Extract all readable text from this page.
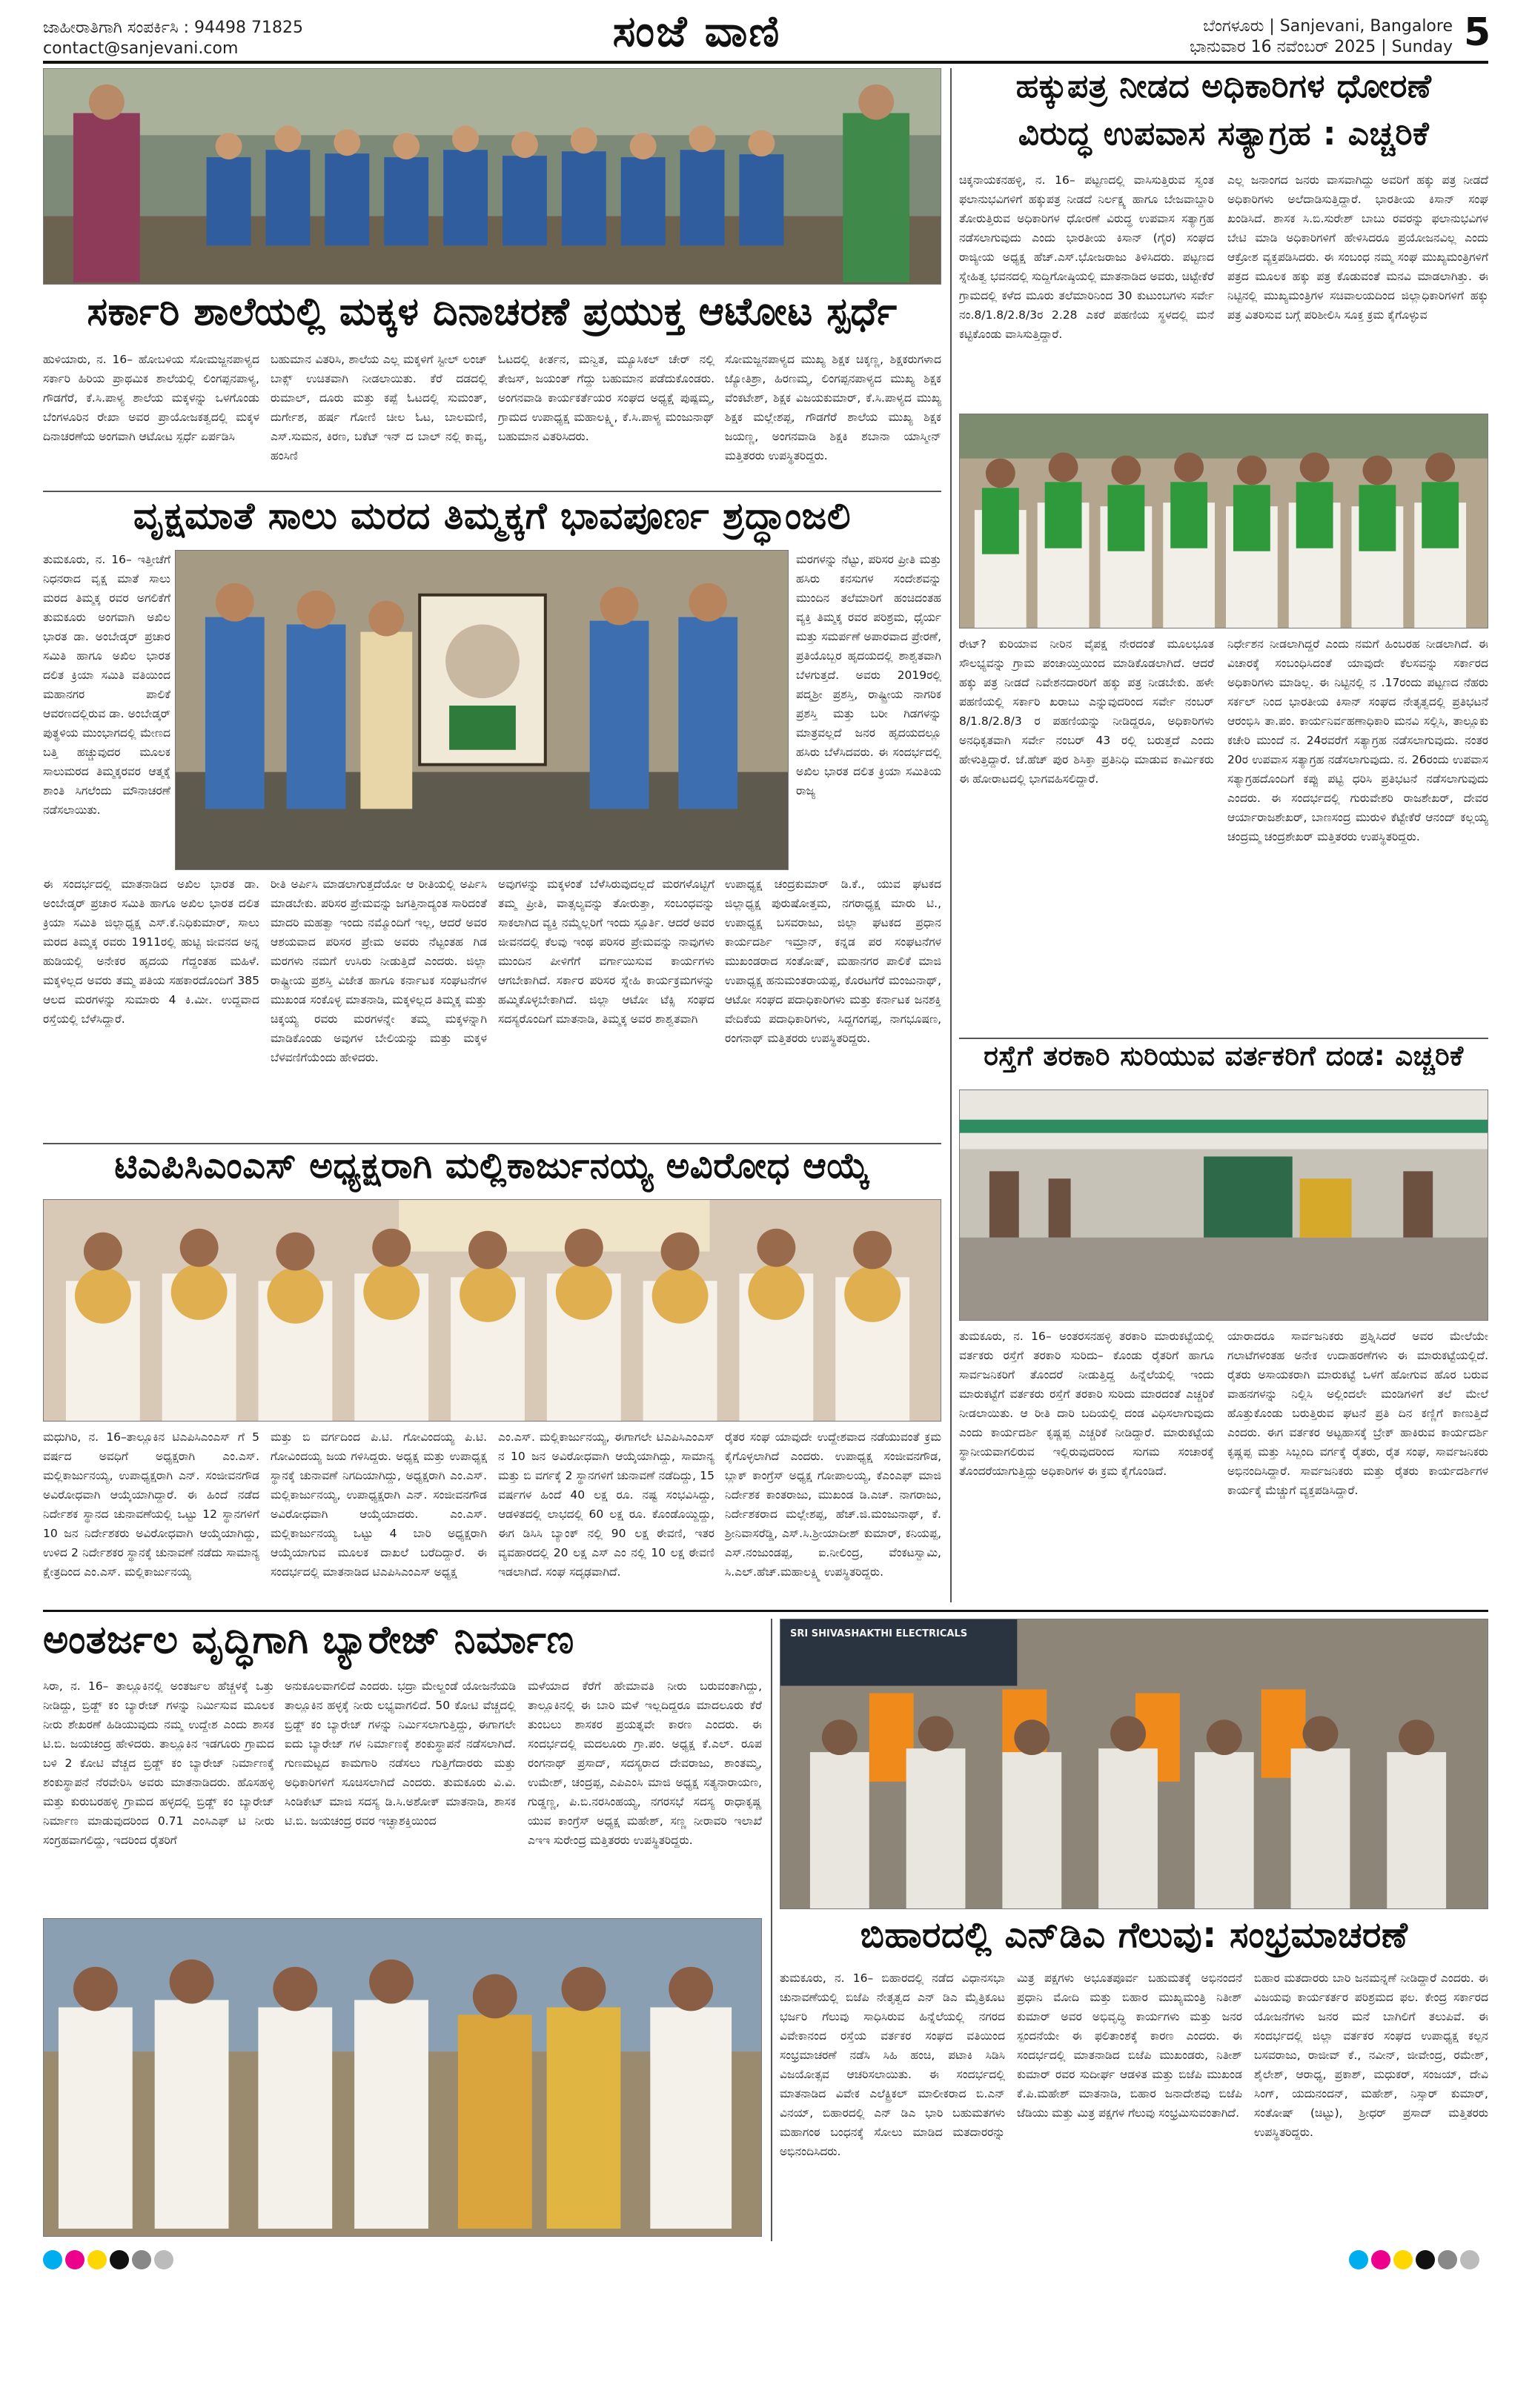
ಜಾಹೀರಾತಿಗಾಗಿ ಸಂಪರ್ಕಿಸಿ : 94498 71825
contact@sanjevani.com	ಸಂಜೆ ವಾಣಿ	ಬೆಂಗಳೂರು | Sanjevani, Bangalore
ಭಾನುವಾರ 16 ನವೆಂಬರ್ 2025 | Sunday 5
ಸರ್ಕಾರಿ ಶಾಲೆಯಲ್ಲಿ ಮಕ್ಕಳ ದಿನಾಚರಣೆ ಪ್ರಯುಕ್ತ ಆಟೋಟ ಸ್ಪರ್ಧೆ
ಹುಳಿಯಾರು, ನ. 16– ಹೋಬಳಿಯ ಸೋಮಜ್ಜನಪಾಳ್ಯದ ಸರ್ಕಾರಿ ಹಿರಿಯ ಪ್ರಾಥಮಿಕ ಶಾಲೆಯಲ್ಲಿ ಲಿಂಗಪ್ಪನಪಾಳ್ಯ, ಗೌಡಗೆರೆ, ಕೆ.ಸಿ.ಪಾಳ್ಯ ಶಾಲೆಯ ಮಕ್ಕಳನ್ನು ಒಳಗೊಂಡು ಬೆಂಗಳೂರಿನ ರೇಖಾ ಅವರ ಪ್ರಾಯೋಜಕತ್ವದಲ್ಲಿ ಮಕ್ಕಳ ದಿನಾಚರಣೆಯ ಅಂಗವಾಗಿ ಆಟೋಟ ಸ್ಪರ್ಧೆ ಏರ್ಪಡಿಸಿ
ಬಹುಮಾನ ವಿತರಿಸಿ, ಶಾಲೆಯ ಎಲ್ಲ ಮಕ್ಕಳಿಗೆ ಸ್ಟೀಲ್ ಲಂಚ್ ಬಾಕ್ಸ್ ಉಚಿತವಾಗಿ ನೀಡಲಾಯಿತು. ಕೆರೆ ದಡದಲ್ಲಿ ರುಮಾಲ್, ದೂರು ಮತ್ತು ಕಪ್ಪೆ ಓಟದಲ್ಲಿ ಸುಮಂತ್, ದುರ್ಗೇಶ, ಹರ್ಷ ಗೋಣಿ ಚೀಲ ಓಟ, ಬಾಲಮಣಿ, ಎಸ್.ಸುಮನ, ಕಿರಣ, ಬಕೆಟ್ ಇನ್ ದ ಬಾಲ್ ನಲ್ಲಿ ಕಾವ್ಯ, ಹಂಸಿಣಿ
ಓಟದಲ್ಲಿ ಕೀರ್ತನ, ಮನ್ವಿತ, ಮ್ಯೂಸಿಕಲ್ ಚೇರ್ ನಲ್ಲಿ ತೇಜಸ್, ಜಯಂತ್ ಗೆದ್ದು ಬಹುಮಾನ ಪಡೆದುಕೊಂಡರು. ಅಂಗನವಾಡಿ ಕಾರ್ಯಕರ್ತೆಯರ ಸಂಘದ ಅಧ್ಯಕ್ಷೆ ಪುಷ್ಪಮ್ಮ, ಗ್ರಾಮದ ಉಪಾಧ್ಯಕ್ಷ ಮಹಾಲಕ್ಷ್ಮಿ, ಕೆ.ಸಿ.ಪಾಳ್ಯ ಮಂಜುನಾಥ್ ಬಹುಮಾನ ವಿತರಿಸಿದರು.
ಸೋಮಜ್ಜನಪಾಳ್ಯದ ಮುಖ್ಯ ಶಿಕ್ಷಕ ಚಿಕ್ಕಣ್ಣ, ಶಿಕ್ಷಕರುಗಳಾದ ಜ್ಯೋತಿಶ್ರಾ, ಹಿರಣಮ್ಮ, ಲಿಂಗಪ್ಪನಪಾಳ್ಯದ ಮುಖ್ಯ ಶಿಕ್ಷಕ ವೆಂಕಟೇಶ್, ಶಿಕ್ಷಕ ವಿಜಯಕುಮಾರ್, ಕೆ.ಸಿ.ಪಾಳ್ಯದ ಮುಖ್ಯ ಶಿಕ್ಷಕ ಮಲ್ಲೇಶಪ್ಪ, ಗೌಡಗೆರೆ ಶಾಲೆಯ ಮುಖ್ಯ ಶಿಕ್ಷಕ ಜಯಣ್ಣ, ಅಂಗನವಾಡಿ ಶಿಕ್ಷಕಿ ಶಬಾನಾ ಯಾಸ್ಮೀನ್ ಮತ್ತಿತರರು ಉಪಸ್ಥಿತರಿದ್ದರು.
ವೃಕ್ಷಮಾತೆ ಸಾಲು ಮರದ ತಿಮ್ಮಕ್ಕಗೆ ಭಾವಪೂರ್ಣ ಶ್ರದ್ಧಾಂಜಲಿ
ತುಮಕೂರು, ನ. 16– ಇತ್ತೀಚೆಗೆ ನಿಧನರಾದ ವೃಕ್ಷ ಮಾತೆ ಸಾಲು ಮರದ ತಿಮ್ಮಕ್ಕ ರವರ ಅಗಲಿಕೆಗೆ ತುಮಕೂರು ಅಂಗವಾಗಿ ಅಖಿಲ ಭಾರತ ಡಾ. ಅಂಬೇಡ್ಕರ್ ಪ್ರಚಾರ ಸಮಿತಿ ಹಾಗೂ ಅಖಿಲ ಭಾರತ ದಲಿತ ಕ್ರಿಯಾ ಸಮಿತಿ ವತಿಯಿಂದ ಮಹಾನಗರ ಪಾಲಿಕೆ ಆವರಣದಲ್ಲಿರುವ ಡಾ. ಅಂಬೇಡ್ಕರ್ ಪುತ್ಥಳಿಯ ಮುಂಭಾಗದಲ್ಲಿ ಮೇಣದ ಬತ್ತಿ ಹಚ್ಚುವುದರ ಮೂಲಕ ಸಾಲುಮರದ ತಿಮ್ಮಕ್ಕರವರ ಆತ್ಮಕ್ಕೆ ಶಾಂತಿ ಸಿಗಲೆಂದು ಮೌನಾಚರಣೆ ನಡೆಸಲಾಯಿತು.
ಮರಗಳನ್ನು ನೆಟ್ಟು, ಪರಿಸರ ಪ್ರೀತಿ ಮತ್ತು ಹಸಿರು ಕನಸುಗಳ ಸಂದೇಶವನ್ನು ಮುಂದಿನ ತಲೆಮಾರಿಗೆ ಹಂಚಿದಂತಹ ವ್ಯಕ್ತಿ ತಿಮ್ಮಕ್ಕ ರವರ ಪರಿಶ್ರಮ, ಧೈರ್ಯ ಮತ್ತು ಸಮರ್ಪಣೆ ಅಪಾರವಾದ ಪ್ರೇರಣೆ, ಪ್ರತಿಯೊಬ್ಬರ ಹೃದಯದಲ್ಲಿ ಶಾಶ್ವತವಾಗಿ ಬೆಳಗುತ್ತದೆ. ಅವರು 2019ರಲ್ಲಿ ಪದ್ಮಶ್ರೀ ಪ್ರಶಸ್ತಿ, ರಾಷ್ಟ್ರೀಯ ನಾಗರಿಕ ಪ್ರಶಸ್ತಿ ಮತ್ತು ಬರೀ ಗಿಡಗಳನ್ನು ಮಾತ್ರವಲ್ಲದೆ ಜನರ ಹೃದಯದಲ್ಲೂ ಹಸಿರು ಬೆಳೆಸಿದವರು. ಈ ಸಂದರ್ಭದಲ್ಲಿ ಅಖಿಲ ಭಾರತ ದಲಿತ ಕ್ರಿಯಾ ಸಮಿತಿಯ ರಾಜ್ಯ
ಈ ಸಂದರ್ಭದಲ್ಲಿ ಮಾತನಾಡಿದ ಅಖಿಲ ಭಾರತ ಡಾ. ಅಂಬೇಡ್ಕರ್ ಪ್ರಚಾರ ಸಮಿತಿ ಹಾಗೂ ಅಖಿಲ ಭಾರತ ದಲಿತ ಕ್ರಿಯಾ ಸಮಿತಿ ಜಿಲ್ಲಾಧ್ಯಕ್ಷ ಎಸ್.ಕೆ.ನಿಧಿಕುಮಾರ್, ಸಾಲು ಮರದ ತಿಮ್ಮಕ್ಕ ರವರು 1911ರಲ್ಲಿ ಹುಟ್ಟಿ ಜೀವನದ ಅನ್ನ ಹುಡಿಯಲ್ಲಿ ಅನೇಕರ ಹೃದಯ ಗೆದ್ದಂತಹ ಮಹಿಳೆ. ಮಕ್ಕಳಿಲ್ಲದ ಅವರು ತಮ್ಮ ಪತಿಯ ಸಹಕಾರದೊಂದಿಗೆ 385 ಆಲದ ಮರಗಳನ್ನು ಸುಮಾರು 4 ಕಿ.ಮೀ. ಉದ್ದವಾದ ರಸ್ತೆಯಲ್ಲಿ ಬೆಳೆಸಿದ್ದಾರೆ.
ರೀತಿ ಅರ್ಪಿಸಿ ಮಾಡಲಾಗುತ್ತದೆಯೋ ಆ ರೀತಿಯಲ್ಲಿ ಅರ್ಪಿಸಿ ಮಾಡಬೇಕು. ಪರಿಸರ ಪ್ರೇಮವನ್ನು ಜಗತ್ತಿನಾದ್ಯಂತ ಸಾರಿದಂತೆ ಮಾದರಿ ಮಹತ್ವಾ ಇಂದು ನಮ್ಮೊಂದಿಗೆ ಇಲ್ಲ, ಆದರೆ ಅವರ ಆಶಯವಾದ ಪರಿಸರ ಪ್ರೇಮ ಅವರು ನೆಟ್ಟಂತಹ ಗಿಡ ಮರಗಳು ನಮಗೆ ಉಸಿರು ನೀಡುತ್ತಿದೆ ಎಂದರು. ಜಿಲ್ಲಾ ರಾಷ್ಟ್ರೀಯ ಪ್ರಶಸ್ತಿ ವಿಜೇತ ಹಾಗೂ ಕರ್ನಾಟಕ ಸಂಘಟನೆಗಳ ಮುಖಂಡ ಸಂಕೊಳ್ಳ ಮಾತನಾಡಿ, ಮಕ್ಕಳಿಲ್ಲದ ತಿಮ್ಮಕ್ಕ ಮತ್ತು ಚಿಕ್ಕಯ್ಯ ರವರು ಮರಗಳನ್ನೇ ತಮ್ಮ ಮಕ್ಕಳನ್ನಾಗಿ ಮಾಡಿಕೊಂಡು ಅವುಗಳ ಬೇಲಿಯನ್ನು ಮತ್ತು ಮಕ್ಕಳ ಬೆಳವಣಿಗೆಯೆಂದು ಹೇಳಿದರು.
ಅವುಗಳನ್ನು ಮಕ್ಕಳಂತೆ ಬೆಳೆಸಿರುವುದಲ್ಲದೆ ಮರಗಳೊಟ್ಟಿಗೆ ತಮ್ಮ ಪ್ರೀತಿ, ವಾತ್ಸಲ್ಯವನ್ನು ತೋರುತ್ತಾ, ಸಂಬಂಧವನ್ನು ಸಾಕಲಾಗಿದ ವ್ಯಕ್ತಿ ನಮ್ಮೆಲ್ಲರಿಗೆ ಇಂದು ಸ್ಪೂರ್ತಿ. ಆದರೆ ಅವರ ಜೀವನದಲ್ಲಿ ಕೆಲವು ಇಂಥ ಪರಿಸರ ಪ್ರೇಮವನ್ನು ನಾವುಗಳು ಮುಂದಿನ ಪೀಳಿಗೆಗೆ ವರ್ಗಾಯಿಸುವ ಕಾರ್ಯಗಳು ಆಗಬೇಕಾಗಿದೆ. ಸರ್ಕಾರ ಪರಿಸರ ಸ್ನೇಹಿ ಕಾರ್ಯಕ್ರಮಗಳನ್ನು ಹಮ್ಮಿಕೊಳ್ಳಬೇಕಾಗಿದೆ. ಜಿಲ್ಲಾ ಆಟೋ ಟೆಕ್ಸಿ ಸಂಘದ ಸದಸ್ಯರೊಂದಿಗೆ ಮಾತನಾಡಿ, ತಿಮ್ಮಕ್ಕ ಅವರ ಶಾಶ್ವತವಾಗಿ
ಉಪಾಧ್ಯಕ್ಷ ಚಂದ್ರಕುಮಾರ್ ಡಿ.ಕೆ., ಯುವ ಘಟಕದ ಜಿಲ್ಲಾಧ್ಯಕ್ಷ ಪುರುಷೋತ್ತಮ, ನಗರಾಧ್ಯಕ್ಷ ಮಾರು ಟಿ., ಉಪಾಧ್ಯಕ್ಷ ಬಸವರಾಜು, ಜಿಲ್ಲಾ ಘಟಕದ ಪ್ರಧಾನ ಕಾರ್ಯದರ್ಶಿ ಇಮ್ರಾನ್, ಕನ್ನಡ ಪರ ಸಂಘಟನೆಗಳ ಮುಖಂಡರಾದ ಸಂತೋಷ್, ಮಹಾನಗರ ಪಾಲಿಕೆ ಮಾಜಿ ಉಪಾಧ್ಯಕ್ಷ ಹನುಮಂತರಾಯಪ್ಪ, ಕೊರಟಗೆರೆ ಮಂಜುನಾಥ್, ಆಟೋ ಸಂಘದ ಪದಾಧಿಕಾರಿಗಳು ಮತ್ತು ಕರ್ನಾಟಕ ಜನಶಕ್ತಿ ವೇದಿಕೆಯ ಪದಾಧಿಕಾರಿಗಳು, ಸಿದ್ದಗಂಗಪ್ಪ, ನಾಗಭೂಷಣ, ರಂಗನಾಥ್ ಮತ್ತಿತರರು ಉಪಸ್ಥಿತರಿದ್ದರು.
ಟಿಎಪಿಸಿಎಂಎಸ್ ಅಧ್ಯಕ್ಷರಾಗಿ ಮಲ್ಲಿಕಾರ್ಜುನಯ್ಯ ಅವಿರೋಧ ಆಯ್ಕೆ
ಮಧುಗಿರಿ, ನ. 16–ತಾಲ್ಲೂಕಿನ ಟಿಎಪಿಸಿಎಂಎಸ್ ಗೆ 5 ವರ್ಷದ ಅವಧಿಗೆ ಅಧ್ಯಕ್ಷರಾಗಿ ಎಂ.ಎಸ್. ಮಲ್ಲಿಕಾರ್ಜುನಯ್ಯ, ಉಪಾಧ್ಯಕ್ಷರಾಗಿ ಎನ್. ಸಂಜೀವನಗೌಡ ಅವಿರೋಧವಾಗಿ ಆಯ್ಕೆಯಾಗಿದ್ದಾರೆ. ಈ ಹಿಂದೆ ನಡೆದ ನಿರ್ದೇಶಕ ಸ್ಥಾನದ ಚುನಾವಣೆಯಲ್ಲಿ ಒಟ್ಟು 12 ಸ್ಥಾನಗಳಿಗೆ 10 ಜನ ನಿರ್ದೇಶಕರು ಅವಿರೋಧವಾಗಿ ಆಯ್ಕೆಯಾಗಿದ್ದು, ಉಳಿದ 2 ನಿರ್ದೇಶಕರ ಸ್ಥಾನಕ್ಕೆ ಚುನಾವಣೆ ನಡೆದು ಸಾಮಾನ್ಯ ಕ್ಷೇತ್ರದಿಂದ ಎಂ.ಎಸ್. ಮಲ್ಲಿಕಾರ್ಜುನಯ್ಯ
ಮತ್ತು ಬಿ ವರ್ಗದಿಂದ ಪಿ.ಟಿ. ಗೋವಿಂದಯ್ಯ ಪಿ.ಟಿ. ಗೋವಿಂದಯ್ಯ ಜಯ ಗಳಿಸಿದ್ದರು. ಅಧ್ಯಕ್ಷ ಮತ್ತು ಉಪಾಧ್ಯಕ್ಷ ಸ್ಥಾನಕ್ಕೆ ಚುನಾವಣೆ ನಿಗದಿಯಾಗಿದ್ದು, ಅಧ್ಯಕ್ಷರಾಗಿ ಎಂ.ಎಸ್. ಮಲ್ಲಿಕಾರ್ಜುನಯ್ಯ, ಉಪಾಧ್ಯಕ್ಷರಾಗಿ ಎನ್. ಸಂಜೀವನಗೌಡ ಅವಿರೋಧವಾಗಿ ಆಯ್ಕೆಯಾದರು. ಎಂ.ಎಸ್. ಮಲ್ಲಿಕಾರ್ಜುನಯ್ಯ ಒಟ್ಟು 4 ಬಾರಿ ಅಧ್ಯಕ್ಷರಾಗಿ ಆಯ್ಕೆಯಾಗುವ ಮೂಲಕ ದಾಖಲೆ ಬರೆದಿದ್ದಾರೆ. ಈ ಸಂದರ್ಭದಲ್ಲಿ ಮಾತನಾಡಿದ ಟಿಎಪಿಸಿಎಂಎಸ್ ಅಧ್ಯಕ್ಷ
ಎಂ.ಎಸ್. ಮಲ್ಲಿಕಾರ್ಜುನಯ್ಯ, ಈಗಾಗಲೇ ಟಿಎಪಿಸಿಎಂಎಸ್ ನ 10 ಜನ ಅವಿರೋಧವಾಗಿ ಆಯ್ಕೆಯಾಗಿದ್ದು, ಸಾಮಾನ್ಯ ಮತ್ತು ಬಿ ವರ್ಗಕ್ಕೆ 2 ಸ್ಥಾನಗಳಿಗೆ ಚುನಾವಣೆ ನಡೆದಿದ್ದು, 15 ವರ್ಷಗಳ ಹಿಂದೆ 40 ಲಕ್ಷ ರೂ. ನಷ್ಟ ಸಂಭವಿಸಿದ್ದು, ಆಡಳಿತದಲ್ಲಿ ಲಾಭದಲ್ಲಿ 60 ಲಕ್ಷ ರೂ. ಕೊಂಡೊಯ್ದಿದ್ದು, ಈಗ ಡಿಸಿಸಿ ಬ್ಯಾಂಕ್ ನಲ್ಲಿ 90 ಲಕ್ಷ ಠೇವಣಿ, ಇತರ ವ್ಯವಹಾರದಲ್ಲಿ 20 ಲಕ್ಷ ಎಸ್ ಎಂ ನಲ್ಲಿ 10 ಲಕ್ಷ ಠೇವಣಿ ಇಡಲಾಗಿದೆ. ಸಂಘ ಸದೃಢವಾಗಿದೆ.
ರೈತರ ಸಂಘ ಯಾವುದೇ ಉದ್ದೇಶವಾದ ನಡೆಯುವಂತೆ ಕ್ರಮ ಕೈಗೊಳ್ಳಲಾಗಿದೆ ಎಂದರು. ಉಪಾಧ್ಯಕ್ಷ ಸಂಜೀವನಗೌಡ, ಬ್ಲಾಕ್ ಕಾಂಗ್ರೆಸ್ ಅಧ್ಯಕ್ಷ ಗೋಪಾಲಯ್ಯ, ಕೆಎಂಎಫ್ ಮಾಜಿ ನಿರ್ದೇಶಕ ಕಾಂತರಾಜು, ಮುಖಂಡ ಡಿ.ಎಚ್. ನಾಗರಾಜು, ನಿರ್ದೇಶಕರಾದ ಮಲ್ಲೇಶಪ್ಪ, ಹೆಚ್.ಜಿ.ಮಂಜುನಾಥ್, ಕೆ. ಶ್ರೀನಿವಾಸರೆಡ್ಡಿ, ಎಸ್.ಸಿ.ಶ್ರೀಯಾದೀಶ್ ಕುಮಾರ್, ಕನಿಯಪ್ಪ, ಎಸ್.ನಂಜುಂಡಪ್ಪ, ಐ.ನೀಲಿಂದ್ರ, ವೆಂಕಟಸ್ವಾಮಿ, ಸಿ.ಎಲ್.ಹೆಚ್.ಮಹಾಲಕ್ಷ್ಮಿ ಉಪಸ್ಥಿತರಿದ್ದರು.
ಹಕ್ಕುಪತ್ರ ನೀಡದ ಅಧಿಕಾರಿಗಳ ಧೋರಣೆ
ವಿರುದ್ಧ ಉಪವಾಸ ಸತ್ಯಾಗ್ರಹ : ಎಚ್ಚರಿಕೆ
ಚಿಕ್ಕನಾಯಕನಹಳ್ಳಿ, ನ. 16– ಪಟ್ಟಣದಲ್ಲಿ ವಾಸಿಸುತ್ತಿರುವ ಸ್ವಂತ ಫಲಾನುಭವಿಗಳಿಗೆ ಹಕ್ಕುಪತ್ರ ನೀಡದೆ ನಿರ್ಲಕ್ಷ್ಯ ಹಾಗೂ ಬೇಜವಾಬ್ದಾರಿ ತೋರುತ್ತಿರುವ ಅಧಿಕಾರಿಗಳ ಧೋರಣೆ ವಿರುದ್ಧ ಉಪವಾಸ ಸತ್ಯಾಗ್ರಹ ನಡೆಸಲಾಗುವುದು ಎಂದು ಭಾರತೀಯ ಕಿಸಾನ್ (ಗೈರ) ಸಂಘದ ರಾಜ್ಯೀಯ ಅಧ್ಯಕ್ಷ ಹೆಚ್.ಎಸ್.ಭೋಜರಾಜು ತಿಳಿಸಿದರು. ಪಟ್ಟಣದ ಸ್ನೇಹಿತ್ವ ಭವನದಲ್ಲಿ ಸುದ್ದಿಗೋಷ್ಠಿಯಲ್ಲಿ ಮಾತನಾಡಿದ ಅವರು, ಚಿಟ್ಟೇಕೆರೆ ಗ್ರಾಮದಲ್ಲಿ ಕಳೆದ ಮೂರು ತಲೆಮಾರಿನಿಂದ 30 ಕುಟುಂಬಗಳು ಸರ್ವೇ ನಂ.8/1.8/2.8/3ರ 2.28 ಎಕರೆ ಪಹಣಿಯ ಸ್ಥಳದಲ್ಲಿ ಮನೆ ಕಟ್ಟಿಕೊಂಡು ವಾಸಿಸುತ್ತಿದ್ದಾರೆ.
ಎಲ್ಲ ಜನಾಂಗದ ಜನರು ವಾಸವಾಗಿದ್ದು ಅವರಿಗೆ ಹಕ್ಕು ಪತ್ರ ನೀಡದೆ ಅಧಿಕಾರಿಗಳು ಅಲೆದಾಡಿಸುತ್ತಿದ್ದಾರೆ. ಭಾರತೀಯ ಕಿಸಾನ್ ಸಂಘ ಖಂಡಿಸಿದೆ. ಶಾಸಕ ಸಿ.ಬಿ.ಸುರೇಶ್ ಬಾಬು ರವರನ್ನು ಫಲಾನುಭವಿಗಳ ಬೇಟಿ ಮಾಡಿ ಅಧಿಕಾರಿಗಳಿಗೆ ಹೇಳಿಸಿದರೂ ಪ್ರಯೋಜನವಿಲ್ಲ ಎಂದು ಆಕ್ರೋಶ ವ್ಯಕ್ತಪಡಿಸಿದರು. ಈ ಸಂಬಂಧ ನಮ್ಮ ಸಂಘ ಮುಖ್ಯಮಂತ್ರಿಗಳಿಗೆ ಪತ್ರದ ಮೂಲಕ ಹಕ್ಕು ಪತ್ರ ಕೊಡುವಂತೆ ಮನವಿ ಮಾಡಲಾಗಿತ್ತು. ಈ ನಿಟ್ಟಿನಲ್ಲಿ ಮುಖ್ಯಮಂತ್ರಿಗಳ ಸಚಿವಾಲಯದಿಂದ ಜಿಲ್ಲಾಧಿಕಾರಿಗಳಿಗೆ ಹಕ್ಕು ಪತ್ರ ವಿತರಿಸುವ ಬಗ್ಗೆ ಪರಿಶೀಲಿಸಿ ಸೂಕ್ತ ಕ್ರಮ ಕೈಗೊಳ್ಳುವ
ರೇಟ್? ಕುರಿಯಾವ ನೀರಿನ ವೈಪಕ್ಷ ನೇರದಂತೆ ಮೂಲಭೂತ ಸೌಲಭ್ಯವನ್ನು ಗ್ರಾಮ ಪಂಚಾಯ್ತಿಯಿಂದ ಮಾಡಿಕೊಡಲಾಗಿದೆ. ಆದರೆ ಹಕ್ಕು ಪತ್ರ ನೀಡದೆ ನಿವೇಶನದಾರರಿಗೆ ಹಕ್ಕು ಪತ್ರ ನೀಡಬೇಕು. ಹಳೇ ಪಹಣಿಯಲ್ಲಿ ಸರ್ಕಾರಿ ಖರಾಬು ಎನ್ನುವುದರಿಂದ ಸರ್ವೇ ನಂಬರ್ 8/1.8/2.8/3 ರ ಪಹಣಿಯನ್ನು ನೀಡಿದ್ದರೂ, ಅಧಿಕಾರಿಗಳು ಅನಧಿಕೃತವಾಗಿ ಸರ್ವೇ ನಂಬರ್ 43 ರಲ್ಲಿ ಬರುತ್ತದೆ ಎಂದು ಹೇಳುತ್ತಿದ್ದಾರೆ. ಜೆ.ಹೆಚ್ ಪುರ ಶಿಸಿಕ್ತಾ ಪ್ರತಿನಿಧಿ ಮಾಡುವ ಕಾರ್ಮಿಕರು ಈ ಹೋರಾಟದಲ್ಲಿ ಭಾಗವಹಿಸಲಿದ್ದಾರೆ.
ನಿರ್ಧೇಶನ ನೀಡಲಾಗಿದ್ದರೆ ಎಂದು ನಮಗೆ ಹಿಂಬರಹ ನೀಡಲಾಗಿದೆ. ಈ ವಿಚಾರಕ್ಕೆ ಸಂಬಂಧಿಸಿದಂತೆ ಯಾವುದೇ ಕೆಲಸವನ್ನು ಸರ್ಕಾರದ ಅಧಿಕಾರಿಗಳು ಮಾಡಿಲ್ಲ. ಈ ನಿಟ್ಟಿನಲ್ಲಿ ನ .17ರಂದು ಪಟ್ಟಣದ ನೆಹರು ಸರ್ಕಲ್ ನಿಂದ ಭಾರತೀಯ ಕಿಸಾನ್ ಸಂಘದ ನೇತೃತ್ವದಲ್ಲಿ ಪ್ರತಿಭಟನೆ ಆರಂಭಿಸಿ ತಾ.ಪಂ. ಕಾರ್ಯನಿರ್ವಹಣಾಧಿಕಾರಿ ಮನವಿ ಸಲ್ಲಿಸಿ, ತಾಲ್ಲೂಕು ಕಚೇರಿ ಮುಂದೆ ನ. 24ರವರೆಗೆ ಸತ್ಯಾಗ್ರಹ ನಡೆಸಲಾಗುವುದು. ನಂತರ 20ರ ಉಪವಾಸ ಸತ್ಯಾಗ್ರಹ ನಡೆಸಲಾಗುವುದು. ನ. 26ರಂದು ಉಪವಾಸ ಸತ್ಯಾಗ್ರಹದೊಂದಿಗೆ ಕಪ್ಪು ಪಟ್ಟಿ ಧರಿಸಿ ಪ್ರತಿಭಟನೆ ನಡೆಸಲಾಗುವುದು ಎಂದರು. ಈ ಸಂದರ್ಭದಲ್ಲಿ ಗುರುವೇಶರಿ ರಾಜಶೇಖರ್, ದೇವರ ಆರ್ಯಾರಾಜಶೇಖರ್, ಬಾಣಸಂದ್ರ ಮುರುಳಿ ಕೆಟ್ಟೇಕೆರೆ ಆನಂದ್ ಕಲ್ಲಯ್ಯ ಚಂದ್ರಮ್ಮ ಚಂದ್ರಶೇಖರ್ ಮತ್ತಿತರರು ಉಪಸ್ಥಿತರಿದ್ದರು.
ರಸ್ತೆಗೆ ತರಕಾರಿ ಸುರಿಯುವ ವರ್ತಕರಿಗೆ ದಂಡ: ಎಚ್ಚರಿಕೆ
ತುಮಕೂರು, ನ. 16– ಅಂತರಸನಹಳ್ಳಿ ತರಕಾರಿ ಮಾರುಕಟ್ಟೆಯಲ್ಲಿ ವರ್ತಕರು ರಸ್ತೆಗೆ ತರಕಾರಿ ಸುರಿದು– ಕೊಂಡು ರೈತರಿಗೆ ಹಾಗೂ ಸಾರ್ವಜನಿಕರಿಗೆ ತೊಂದರೆ ನೀಡುತ್ತಿದ್ದ ಹಿನ್ನೆಲೆಯಲ್ಲಿ ಇಂದು ಮಾರುಕಟ್ಟೆಗೆ ವರ್ತಕರು ರಸ್ತೆಗೆ ತರಕಾರಿ ಸುರಿದು ಮಾರದಂತೆ ಎಚ್ಚರಿಕೆ ನೀಡಲಾಯಿತು. ಆ ರೀತಿ ದಾರಿ ಬದಿಯಲ್ಲಿ ದಂಡ ವಿಧಿಸಲಾಗುವುದು ಎಂದು ಕಾರ್ಯದರ್ಶಿ ಕೃಷ್ಣಪ್ಪ ಎಚ್ಚರಿಕೆ ನೀಡಿದ್ದಾರೆ. ಮಾರುಕಟ್ಟೆಯ ಸ್ಥಾನೀಯವಾಗಲಿರುವ ಇಲ್ಲಿರುವುದರಿಂದ ಸುಗಮ ಸಂಚಾರಕ್ಕೆ ತೊಂದರೆಯಾಗುತ್ತಿದ್ದು ಅಧಿಕಾರಿಗಳ ಈ ಕ್ರಮ ಕೈಗೊಂಡಿದೆ.
ಯಾರಾದರೂ ಸಾರ್ವಜನಿಕರು ಪ್ರಶ್ನಿಸಿದರೆ ಅವರ ಮೇಲೆಯೇ ಗಲಾಟೆಗಳಂತಹ ಅನೇಕ ಉದಾಹರಣೆಗಳು ಈ ಮಾರುಕಟ್ಟೆಯಲ್ಲಿದೆ. ರೈತರು ಅಸಾಯಕರಾಗಿ ಮಾರುಕಟ್ಟೆ ಒಳಗೆ ಹೋಗುವ ಹೊರ ಬರುವ ವಾಹನಗಳನ್ನು ನಿಲ್ಲಿಸಿ ಅಲ್ಲಿಂದಲೇ ಮಂಡಿಗಳಿಗೆ ತಲೆ ಮೇಲೆ ಹೊತ್ತುಕೊಂಡು ಬರುತ್ತಿರುವ ಘಟನೆ ಪ್ರತಿ ದಿನ ಕಣ್ಣಿಗೆ ಕಾಣುತ್ತಿದೆ ಎಂದರು. ಈಗ ವರ್ತಕರ ಅಟ್ಟಹಾಸಕ್ಕೆ ಬ್ರೇಕ್ ಹಾಕಿರುವ ಕಾರ್ಯದರ್ಶಿ ಕೃಷ್ಣಪ್ಪ ಮತ್ತು ಸಿಬ್ಬಂದಿ ವರ್ಗಕ್ಕೆ ರೈತರು, ರೈತ ಸಂಘ, ಸಾರ್ವಜನಿಕರು ಅಭಿನಂದಿಸಿದ್ದಾರೆ. ಸಾರ್ವಜನಿಕರು ಮತ್ತು ರೈತರು ಕಾರ್ಯದರ್ಶಿಗಳ ಕಾರ್ಯಕ್ಕೆ ಮೆಚ್ಚುಗೆ ವ್ಯಕ್ತಪಡಿಸಿದ್ದಾರೆ.
ಅಂತರ್ಜಲ ವೃದ್ಧಿಗಾಗಿ ಬ್ಯಾರೇಜ್ ನಿರ್ಮಾಣ
ಸಿರಾ, ನ. 16– ತಾಲ್ಲೂಕಿನಲ್ಲಿ ಅಂತರ್ಜಲ ಹೆಚ್ಚಳಕ್ಕೆ ಒತ್ತು ನೀಡಿದ್ದು, ಬ್ರಿಡ್ಜ್ ಕಂ ಬ್ಯಾರೇಜ್ ಗಳನ್ನು ನಿರ್ಮಿಸುವ ಮೂಲಕ ನೀರು ಶೇಖರಣೆ ಹಿಡಿಯುವುದು ನಮ್ಮ ಉದ್ದೇಶ ಎಂದು ಶಾಸಕ ಟಿ.ಬಿ. ಜಯಚಂದ್ರ ಹೇಳಿದರು. ತಾಲ್ಲೂಕಿನ ಇಡಗೂರು ಗ್ರಾಮದ ಬಳಿ 2 ಕೋಟಿ ವೆಚ್ಚದ ಬ್ರಿಡ್ಜ್ ಕಂ ಬ್ಯಾರೇಜ್ ನಿರ್ಮಾಣಕ್ಕೆ ಶಂಕುಸ್ಥಾಪನೆ ನೆರವೇರಿಸಿ ಅವರು ಮಾತನಾಡಿದರು. ಹೊಸಹಳ್ಳಿ ಮತ್ತು ಕುರುಬರಹಳ್ಳಿ ಗ್ರಾಮದ ಹಳ್ಳದಲ್ಲಿ ಬ್ರಿಡ್ಜ್ ಕಂ ಬ್ಯಾರೇಜ್ ನಿರ್ಮಾಣ ಮಾಡುವುದರಿಂದ 0.71 ಎಂಸಿಎಫ್ ಟಿ ನೀರು ಸಂಗ್ರಹವಾಗಲಿದ್ದು, ಇದರಿಂದ ರೈತರಿಗೆ
ಅನುಕೂಲವಾಗಲಿದೆ ಎಂದರು. ಭದ್ರಾ ಮೇಲ್ದಂಡೆ ಯೋಜನೆಯಡಿ ತಾಲ್ಲೂಕಿನ ಹಳ್ಳಕ್ಕೆ ನೀರು ಲಭ್ಯವಾಗಲಿದೆ. 50 ಕೋಟಿ ವೆಚ್ಚದಲ್ಲಿ ಬ್ರಿಡ್ಜ್ ಕಂ ಬ್ಯಾರೇಜ್ ಗಳನ್ನು ನಿರ್ಮಿಸಲಾಗುತ್ತಿದ್ದು, ಈಗಾಗಲೇ ಐದು ಬ್ಯಾರೇಜ್ ಗಳ ನಿರ್ಮಾಣಕ್ಕೆ ಶಂಕುಸ್ಥಾಪನೆ ನಡೆಸಲಾಗಿದೆ. ಗುಣಮಟ್ಟದ ಕಾಮಗಾರಿ ನಡೆಸಲು ಗುತ್ತಿಗೆದಾರರು ಮತ್ತು ಅಧಿಕಾರಿಗಳಿಗೆ ಸೂಚಿಸಲಾಗಿದೆ ಎಂದರು. ತುಮಕೂರು ವಿ.ವಿ. ಸಿಂಡಿಕೇಟ್ ಮಾಜಿ ಸದಸ್ಯ ಡಿ.ಸಿ.ಅಶೋಕ್ ಮಾತನಾಡಿ, ಶಾಸಕ ಟಿ.ಬಿ. ಜಯಚಂದ್ರ ರವರ ಇಚ್ಛಾಶಕ್ತಿಯಿಂದ
ಮಳೆಯಾದ ಕೆರೆಗೆ ಹೇಮಾವತಿ ನೀರು ಬರುವಂತಾಗಿದ್ದು, ತಾಲ್ಲೂಕಿನಲ್ಲಿ ಈ ಬಾರಿ ಮಳೆ ಇಲ್ಲದಿದ್ದರೂ ಮಾದಲೂರು ಕೆರೆ ತುಂಬಲು ಶಾಸಕರ ಪ್ರಯತ್ನವೇ ಕಾರಣ ಎಂದರು. ಈ ಸಂದರ್ಭದಲ್ಲಿ ಮದಲೂರು ಗ್ರಾ.ಪಂ. ಅಧ್ಯಕ್ಷ ಕೆ.ಎಲ್. ರೂಪ ರಂಗನಾಥ್ ಪ್ರಸಾದ್, ಸದಸ್ಯರಾದ ದೇವರಾಜು, ಶಾಂತಮ್ಮ, ಉಮೇಶ್, ಚಂದ್ರಪ್ಪ, ಎಪಿಎಂಸಿ ಮಾಜಿ ಅಧ್ಯಕ್ಷ ಸತ್ಯನಾರಾಯಣ, ಗುಡ್ಡಣ್ಣ, ಪಿ.ಬಿ.ನರಸಿಂಹಯ್ಯ, ನಗರಸಭೆ ಸದಸ್ಯ ರಾಧಾಕೃಷ್ಣ ಯುವ ಕಾಂಗ್ರೆಸ್ ಅಧ್ಯಕ್ಷ ಮಹೇಶ್, ಸಣ್ಣ ನೀರಾವರಿ ಇಲಾಖೆ ಎಇಇ ಸುರೇಂದ್ರ ಮತ್ತಿತರರು ಉಪಸ್ಥಿತರಿದ್ದರು.
SRI SHIVASHAKTHI ELECTRICALS
ಬಿಹಾರದಲ್ಲಿ ಎನ್‌ಡಿಎ ಗೆಲುವು: ಸಂಭ್ರಮಾಚರಣೆ
ತುಮಕೂರು, ನ. 16– ಬಿಹಾರದಲ್ಲಿ ನಡೆದ ವಿಧಾನಸಭಾ ಚುನಾವಣೆಯಲ್ಲಿ ಬಿಜೆಪಿ ನೇತೃತ್ವದ ಎನ್ ಡಿಎ ಮೈತ್ರಿಕೂಟ ಭರ್ಜರಿ ಗೆಲುವು ಸಾಧಿಸಿರುವ ಹಿನ್ನೆಲೆಯಲ್ಲಿ ನಗರದ ವಿವೇಕಾನಂದ ರಸ್ತೆಯ ವರ್ತಕರ ಸಂಘದ ವತಿಯಿಂದ ಸಂಭ್ರಮಾಚರಣೆ ನಡೆಸಿ ಸಿಹಿ ಹಂಚಿ, ಪಟಾಕಿ ಸಿಡಿಸಿ ವಿಜಯೋತ್ಸವ ಆಚರಿಸಲಾಯಿತು. ಈ ಸಂದರ್ಭದಲ್ಲಿ ಮಾತನಾಡಿದ ವಿವೇಕ ಎಲೆಕ್ಟ್ರಿಕಲ್ ಮಾಲೀಕರಾದ ಬಿ.ಎನ್ ವಿನಯ್, ಬಿಹಾರದಲ್ಲಿ ಎನ್ ಡಿಎ ಭಾರಿ ಬಹುಮತಗಳು ಮಹಾಗಂಠ ಬಂಧನಕ್ಕೆ ಸೋಲು ಮಾಡಿದ ಮತದಾರರನ್ನು ಅಭಿನಂದಿಸಿದರು.
ಮಿತ್ರ ಪಕ್ಷಗಳು ಅಭೂತಪೂರ್ವ ಬಹುಮತಕ್ಕೆ ಅಭಿನಂದನೆ ಪ್ರಧಾನಿ ಮೋದಿ ಮತ್ತು ಬಿಹಾರ ಮುಖ್ಯಮಂತ್ರಿ ನಿತೀಶ್ ಕುಮಾರ್ ಅವರ ಅಭಿವೃದ್ಧಿ ಕಾರ್ಯಗಳು ಮತ್ತು ಜನರ ಸ್ಪಂದನೆಯೇ ಈ ಫಲಿತಾಂಶಕ್ಕೆ ಕಾರಣ ಎಂದರು. ಈ ಸಂದರ್ಭದಲ್ಲಿ ಮಾತನಾಡಿದ ಬಿಜೆಪಿ ಮುಖಂಡರು, ನಿತೀಶ್ ಕುಮಾರ್ ರವರ ಸುದೀರ್ಘ ಆಡಳಿತ ಮತ್ತು ಬಿಜೆಪಿ ಮುಖಂಡ ಕೆ.ಪಿ.ಮಹೇಶ್ ಮಾತನಾಡಿ, ಬಿಹಾರ ಜನಾದೇಶವು ಬಿಜೆಪಿ ಜೆಡಿಯು ಮತ್ತು ಮಿತ್ರ ಪಕ್ಷಗಳ ಗೆಲುವು ಸಂಭ್ರಮಿಸುವಂತಾಗಿದೆ.
ಬಿಹಾರ ಮತದಾರರು ಬಾರಿ ಜನಮನ್ನಣೆ ನೀಡಿದ್ದಾರೆ ಎಂದರು. ಈ ವಿಜಯವು ಕಾರ್ಯಕರ್ತರ ಪರಿಶ್ರಮದ ಫಲ. ಕೇಂದ್ರ ಸರ್ಕಾರದ ಯೋಜನೆಗಳು ಜನರ ಮನೆ ಬಾಗಿಲಿಗೆ ತಲುಪಿವೆ. ಈ ಸಂದರ್ಭದಲ್ಲಿ ಜಿಲ್ಲಾ ವರ್ತಕರ ಸಂಘದ ಉಪಾಧ್ಯಕ್ಷ ಕಲ್ಪನ ಬಸವರಾಜು, ರಾಜೀವ್ ಕೆ., ನವೀನ್, ಜೀವೇಂದ್ರ, ರಮೇಶ್, ಶೈಲೇಶ್, ಆರಾಧ್ಯ, ಪ್ರಕಾಶ್, ಮಧುಕರ್, ಸಂಜಯ್, ದೇವಿ ಸಿಂಗ್, ಯದುನಂದನ್, ಮಹೇಶ್, ನಿಸ್ಸಾರ್ ಕುಮಾರ್, ಸಂತೋಷ್ (ಚಿಟ್ಟು), ಶ್ರೀಧರ್ ಪ್ರಸಾದ್ ಮತ್ತಿತರರು ಉಪಸ್ಥಿತರಿದ್ದರು.
